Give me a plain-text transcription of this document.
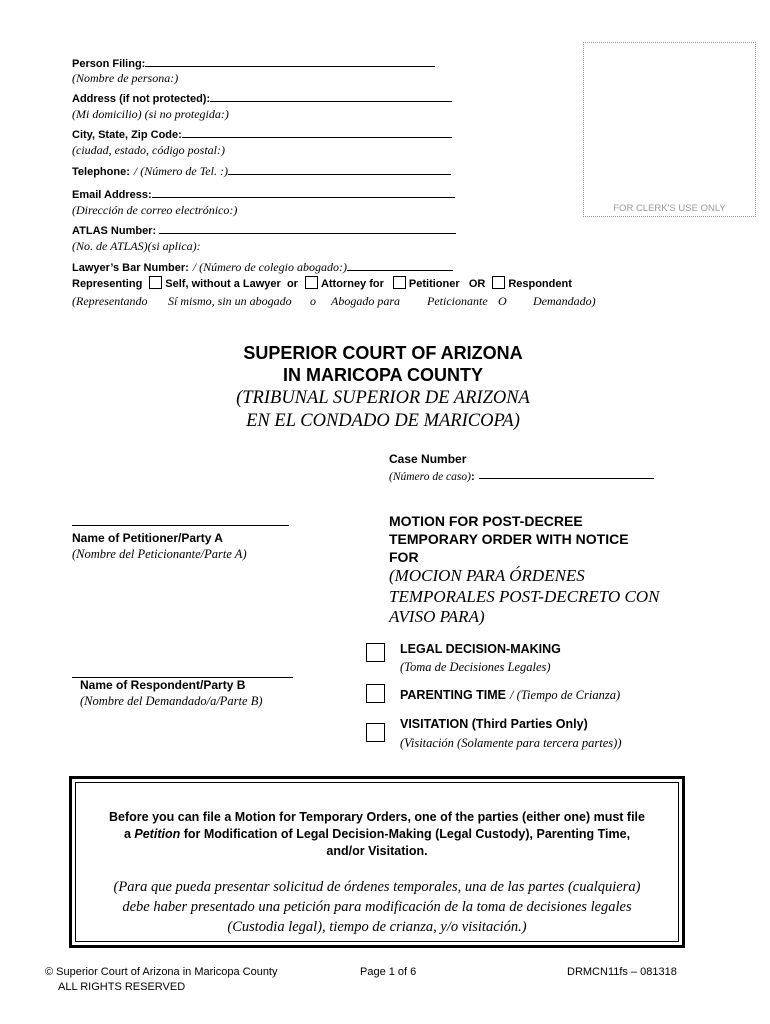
Person Filing:
(Nombre de persona:)
Address (if not protected):
(Mi domicilio) (si no protegida:)
City, State, Zip Code:
(ciudad, estado, código postal:)
Telephone: / (Número de Tel. :)
Email Address:
(Dirección de correo electrónico:)
ATLAS Number:
(No. de ATLAS)(si aplica):
Lawyer’s Bar Number: / (Número de colegio abogado:)
Representing Self, without a Lawyer or Attorney for Petitioner OR Respondent
(Representando Sí mismo, sin un abogado o Abogado para Peticionante O Demandado)
FOR CLERK'S USE ONLY
SUPERIOR COURT OF ARIZONA
IN MARICOPA COUNTY
(TRIBUNAL SUPERIOR DE ARIZONA
EN EL CONDADO DE MARICOPA)
Case Number
(Número de caso):
Name of Petitioner/Party A
(Nombre del Peticionante/Parte A)
Name of Respondent/Party B
(Nombre del Demandado/a/Parte B)
MOTION FOR POST-DECREE
TEMPORARY ORDER WITH NOTICE
FOR
(MOCION PARA ÓRDENES
TEMPORALES POST-DECRETO CON
AVISO PARA)
LEGAL DECISION-MAKING
(Toma de Decisiones Legales)
PARENTING TIME / (Tiempo de Crianza)
VISITATION (Third Parties Only)
(Visitación (Solamente para tercera partes))
Before you can file a Motion for Temporary Orders, one of the parties (either one) must file
a Petition for Modification of Legal Decision-Making (Legal Custody), Parenting Time,
and/or Visitation.
(Para que pueda presentar solicitud de órdenes temporales, una de las partes (cualquiera)
debe haber presentado una petición para modificación de la toma de decisiones legales
(Custodia legal), tiempo de crianza, y/o visitación.)
© Superior Court of Arizona in Maricopa County
ALL RIGHTS RESERVED
Page 1 of 6	DRMCN11fs – 081318
